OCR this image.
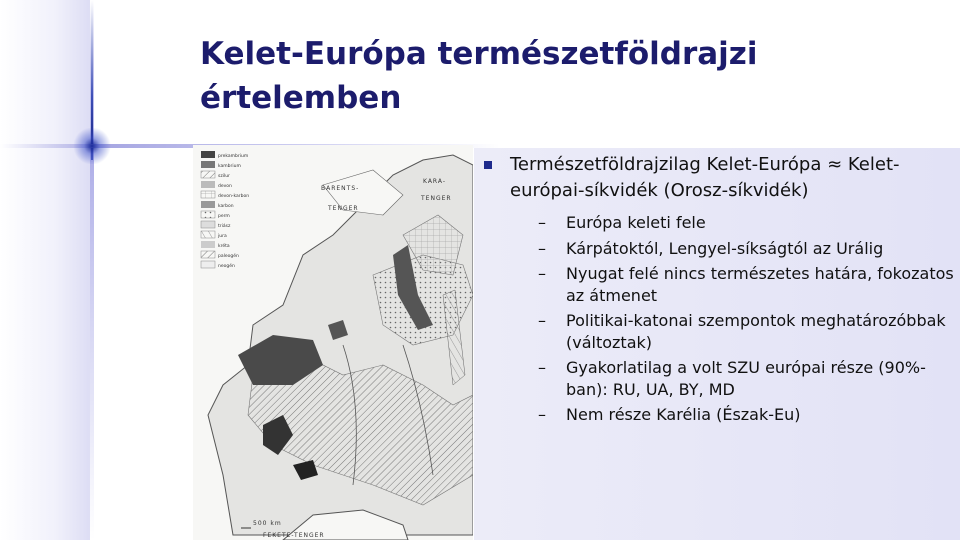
Kelet-Európa természetföldrajzi értelemben
prekambrium
kambrium
szilur
devon
devon-karbon
karbon
perm
triász
jura
kréta
paleogén
neogén
BARENTS-
TENGER
KARA-
TENGER
FEKETE-TENGER
500 km
Természetföldrajzilag Kelet-Európa ≈ Kelet-európai-síkvidék (Orosz-síkvidék)
– Európa keleti fele
– Kárpátoktól, Lengyel-síkságtól az Urálig
– Nyugat felé nincs természetes határa, fokozatos az átmenet
– Politikai-katonai szempontok meghatározóbbak (változtak)
– Gyakorlatilag a volt SZU európai része (90%-ban): RU, UA, BY, MD
– Nem része Karélia (Észak-Eu)
